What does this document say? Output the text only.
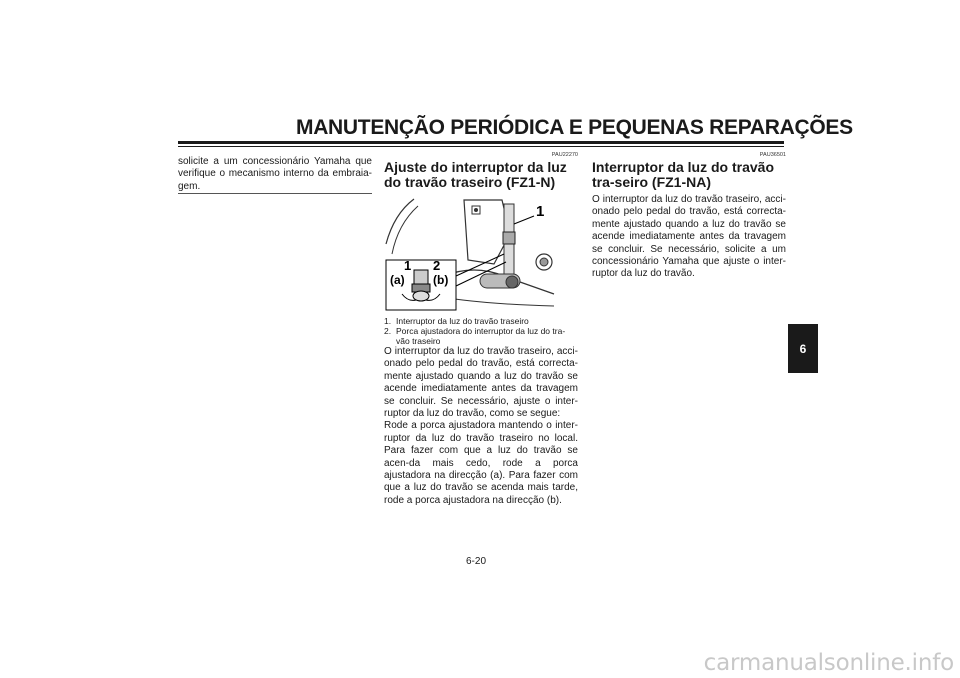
MANUTENÇÃO PERIÓDICA E PEQUENAS REPARAÇÕES

solicite a um concessionário Yamaha que verifique o mecanismo interno da embraia-gem.

PAU22270
Ajuste do interruptor da luz do travão traseiro (FZ1-N)
1
1 2
(a) (b)
1. Interruptor da luz do travão traseiro
2. Porca ajustadora do interruptor da luz do tra-vão traseiro

O interruptor da luz do travão traseiro, acci-onado pelo pedal do travão, está correcta-mente ajustado quando a luz do travão se acende imediatamente antes da travagem se concluir. Se necessário, ajuste o inter-ruptor da luz do travão, como se segue:

Rode a porca ajustadora mantendo o inter-ruptor da luz do travão traseiro no local. Para fazer com que a luz do travão se acen-da mais cedo, rode a porca ajustadora na direcção (a). Para fazer com que a luz do travão se acenda mais tarde, rode a porca ajustadora na direcção (b).

PAU36501
Interruptor da luz do travão tra-seiro (FZ1-NA)

O interruptor da luz do travão traseiro, acci-onado pelo pedal do travão, está correcta-mente ajustado quando a luz do travão se acende imediatamente antes da travagem se concluir. Se necessário, solicite a um concessionário Yamaha que ajuste o inter-ruptor da luz do travão.

6-20
6
carmanualsonline.info
